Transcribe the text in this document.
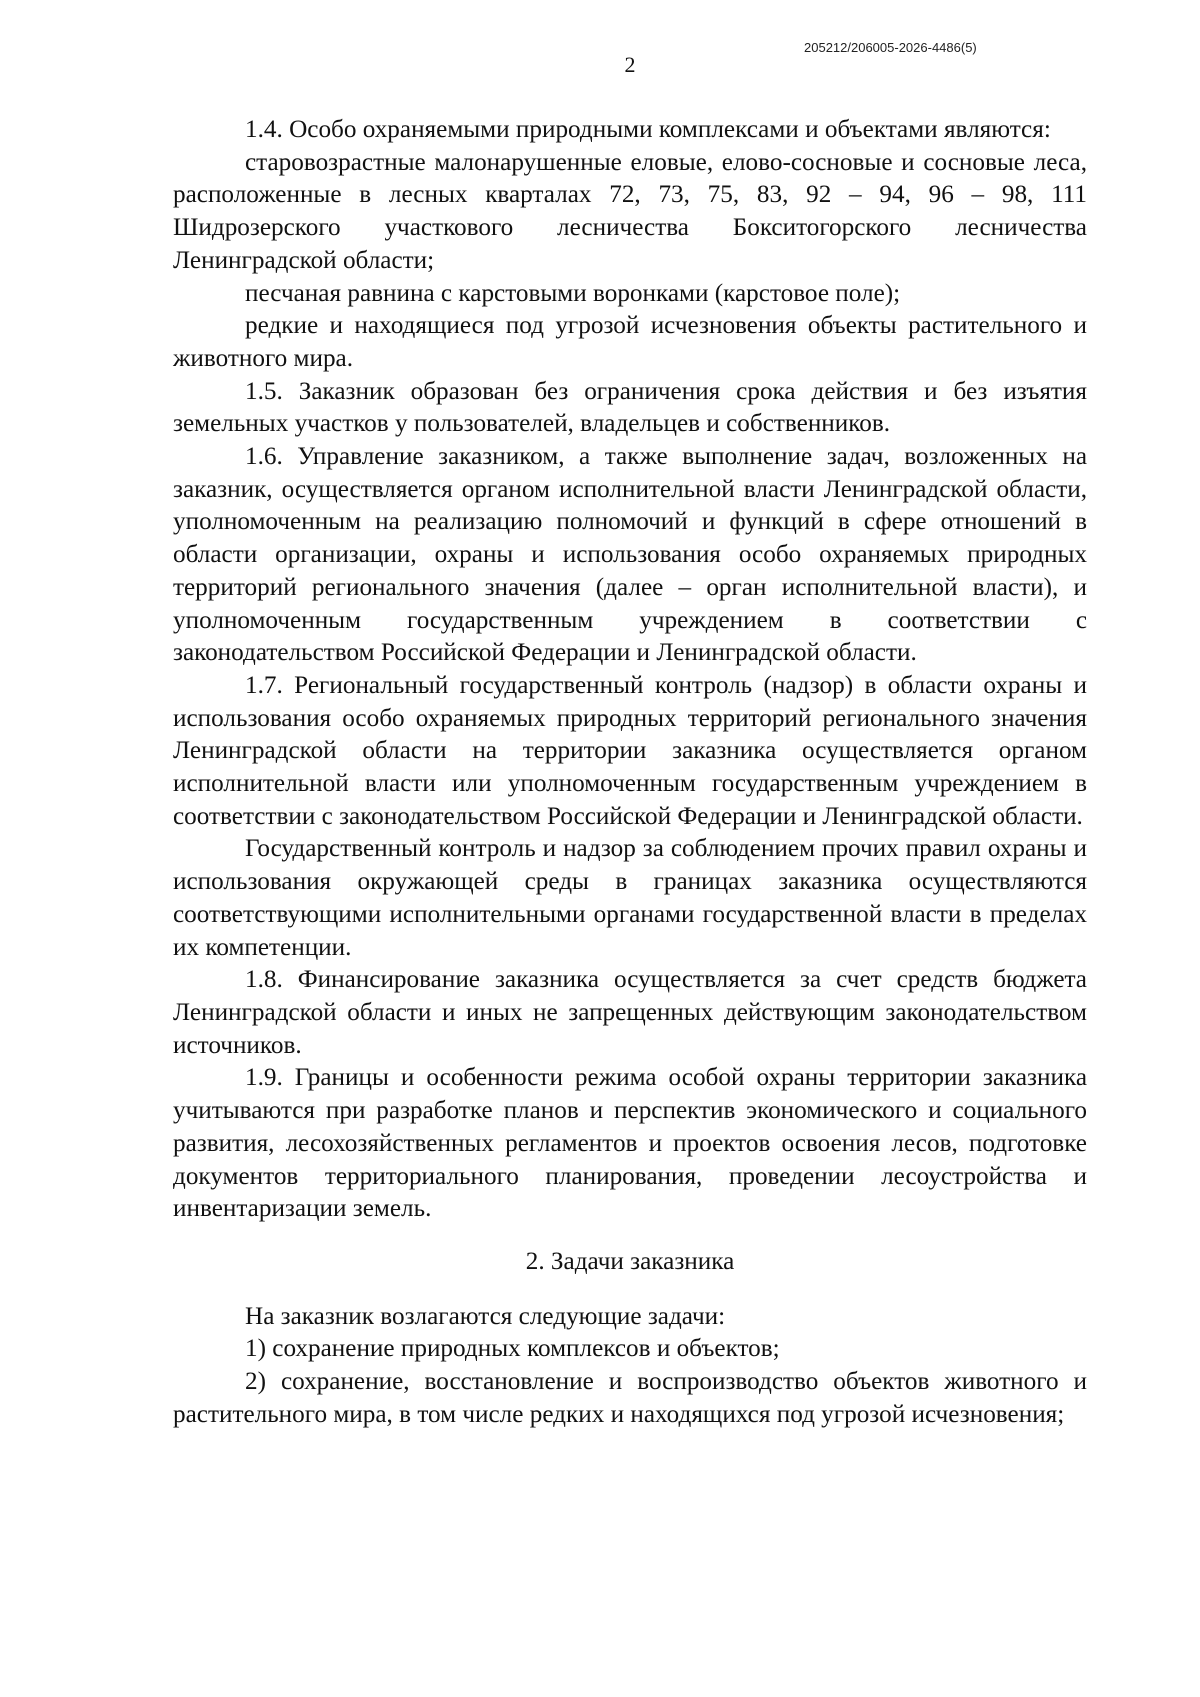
205212/206005-2026-4486(5)
2

1.4. Особо охраняемыми природными комплексами и объектами являются:

старовозрастные малонарушенные еловые, елово-сосновые и сосновые леса, расположенные в лесных кварталах 72, 73, 75, 83, 92 – 94, 96 – 98, 111 Шидрозерского участкового лесничества Бокситогорского лесничества Ленинградской области;

песчаная равнина с карстовыми воронками (карстовое поле);

редкие и находящиеся под угрозой исчезновения объекты растительного и животного мира.

1.5. Заказник образован без ограничения срока действия и без изъятия земельных участков у пользователей, владельцев и собственников.

1.6. Управление заказником, а также выполнение задач, возложенных на заказник, осуществляется органом исполнительной власти Ленинградской области, уполномоченным на реализацию полномочий и функций в сфере отношений в области организации, охраны и использования особо охраняемых природных территорий регионального значения (далее – орган исполнительной власти), и уполномоченным государственным учреждением в соответствии с законодательством Российской Федерации и Ленинградской области.

1.7. Региональный государственный контроль (надзор) в области охраны и использования особо охраняемых природных территорий регионального значения Ленинградской области на территории заказника осуществляется органом исполнительной власти или уполномоченным государственным учреждением в соответствии с законодательством Российской Федерации и Ленинградской области.

Государственный контроль и надзор за соблюдением прочих правил охраны и использования окружающей среды в границах заказника осуществляются соответствующими исполнительными органами государственной власти в пределах их компетенции.

1.8. Финансирование заказника осуществляется за счет средств бюджета Ленинградской области и иных не запрещенных действующим законодательством источников.

1.9. Границы и особенности режима особой охраны территории заказника учитываются при разработке планов и перспектив экономического и социального развития, лесохозяйственных регламентов и проектов освоения лесов, подготовке документов территориального планирования, проведении лесоустройства и инвентаризации земель.

2. Задачи заказника

На заказник возлагаются следующие задачи:

1) сохранение природных комплексов и объектов;

2) сохранение, восстановление и воспроизводство объектов животного и растительного мира, в том числе редких и находящихся под угрозой исчезновения;
